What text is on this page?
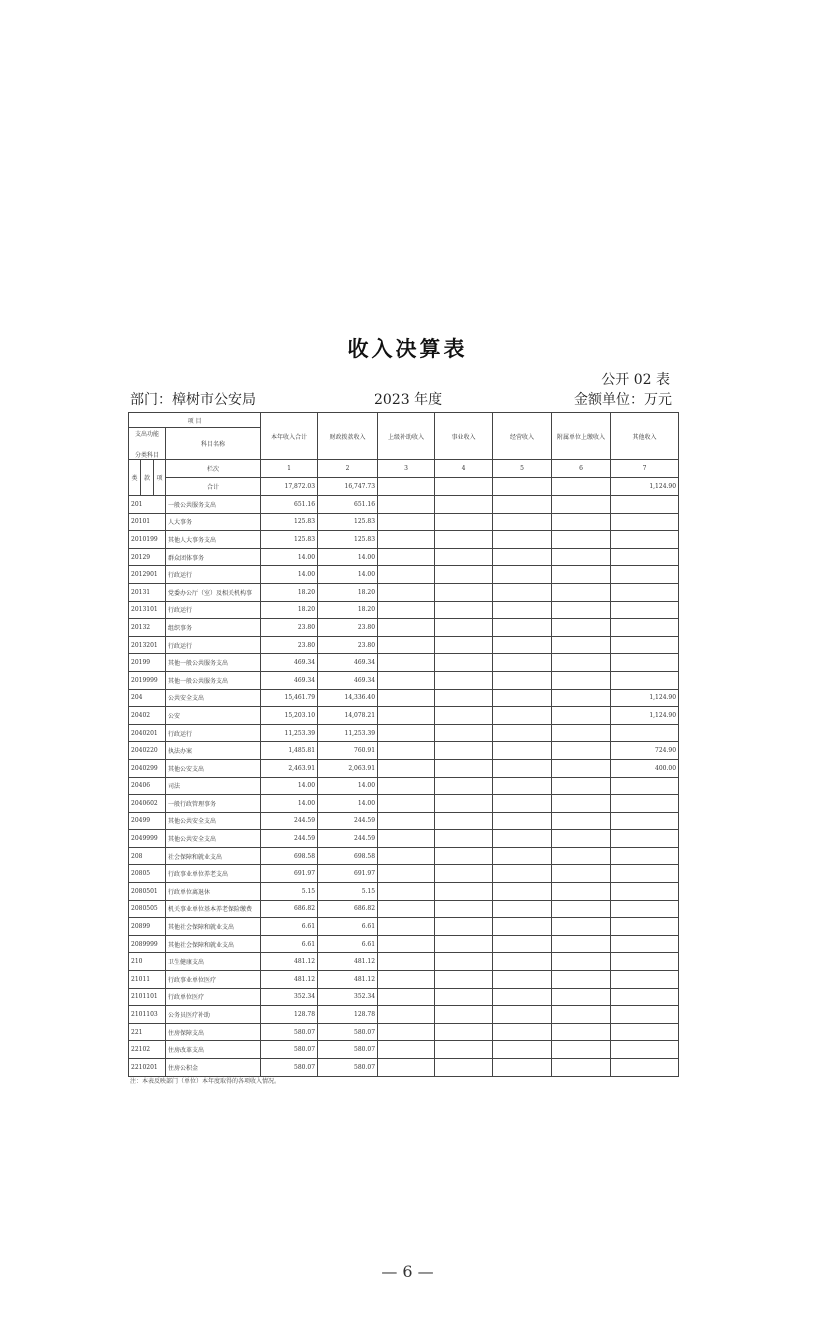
收入决算表
公开 02 表
部门：樟树市公安局	2023 年度	金额单位：万元
项 目				本年收入合计	财政拨款收入	上级补助收入	事业收入	经营收入	附属单位上缴收入	其他收入

支出功能
分类科目			科目名称							
类	款	项	栏次	1	2	3	4	5	6	7
			合计	17,872.03	16,747.73					1,124.90
201			一般公共服务支出	651.16	651.16					
20101			人大事务	125.83	125.83					
2010199			其他人大事务支出	125.83	125.83					
20129			群众团体事务	14.00	14.00					
2012901			行政运行	14.00	14.00					
20131			党委办公厅（室）及相关机构事	18.20	18.20					
2013101			行政运行	18.20	18.20					
20132			组织事务	23.80	23.80					
2013201			行政运行	23.80	23.80					
20199			其他一般公共服务支出	469.34	469.34					
2019999			其他一般公共服务支出	469.34	469.34					
204			公共安全支出	15,461.79	14,336.40					1,124.90
20402			公安	15,203.10	14,078.21					1,124.90
2040201			行政运行	11,253.39	11,253.39					
2040220			执法办案	1,485.81	760.91					724.90
2040299			其他公安支出	2,463.91	2,063.91					400.00
20406			司法	14.00	14.00					
2040602			一般行政管理事务	14.00	14.00					
20499			其他公共安全支出	244.59	244.59					
2049999			其他公共安全支出	244.59	244.59					
208			社会保障和就业支出	698.58	698.58					
20805			行政事业单位养老支出	691.97	691.97					
2080501			行政单位离退休	5.15	5.15					
2080505			机关事业单位基本养老保险缴费	686.82	686.82					
20899			其他社会保障和就业支出	6.61	6.61					
2089999			其他社会保障和就业支出	6.61	6.61					
210			卫生健康支出	481.12	481.12					
21011			行政事业单位医疗	481.12	481.12					
2101101			行政单位医疗	352.34	352.34					
2101103			公务员医疗补助	128.78	128.78					
221			住房保障支出	580.07	580.07					
22102			住房改革支出	580.07	580.07					
2210201			住房公积金	580.07	580.07					
注：本表反映部门（单位）本年度取得的各项收入情况。
— 6 —
